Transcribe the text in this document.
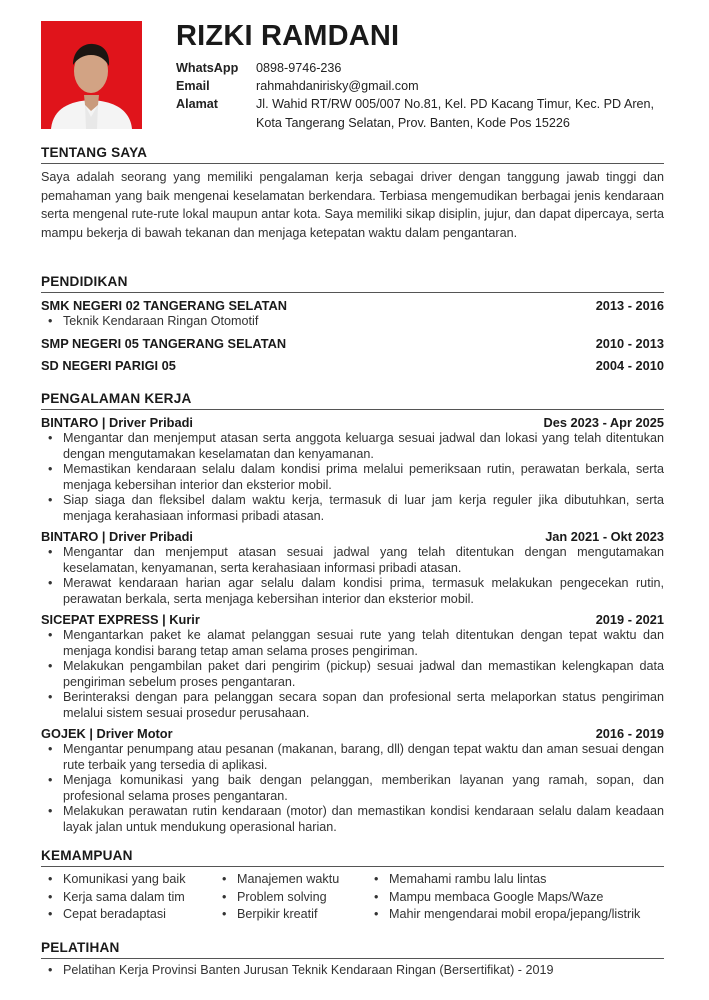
RIZKI RAMDANI
WhatsApp	0898-9746-236
Email	rahmahdanirisky@gmail.com
Alamat	Jl. Wahid RT/RW 005/007 No.81, Kel. PD Kacang Timur, Kec. PD Aren, Kota Tangerang Selatan, Prov. Banten, Kode Pos 15226
TENTANG SAYA
Saya adalah seorang yang memiliki pengalaman kerja sebagai driver dengan tanggung jawab tinggi dan pemahaman yang baik mengenai keselamatan berkendara. Terbiasa mengemudikan berbagai jenis kendaraan serta mengenal rute-rute lokal maupun antar kota. Saya memiliki sikap disiplin, jujur, dan dapat dipercaya, serta mampu bekerja di bawah tekanan dan menjaga ketepatan waktu dalam pengantaran.
PENDIDIKAN
SMK NEGERI 02 TANGERANG SELATAN	2013 - 2016
• Teknik Kendaraan Ringan Otomotif
SMP NEGERI 05 TANGERANG SELATAN	2010 - 2013
SD NEGERI PARIGI 05	2004 - 2010
PENGALAMAN KERJA
BINTARO | Driver Pribadi	Des 2023 - Apr 2025
• Mengantar dan menjemput atasan serta anggota keluarga sesuai jadwal dan lokasi yang telah ditentukan dengan mengutamakan keselamatan dan kenyamanan.
• Memastikan kendaraan selalu dalam kondisi prima melalui pemeriksaan rutin, perawatan berkala, serta menjaga kebersihan interior dan eksterior mobil.
• Siap siaga dan fleksibel dalam waktu kerja, termasuk di luar jam kerja reguler jika dibutuhkan, serta menjaga kerahasiaan informasi pribadi atasan.
BINTARO | Driver Pribadi	Jan 2021 - Okt 2023
• Mengantar dan menjemput atasan sesuai jadwal yang telah ditentukan dengan mengutamakan keselamatan, kenyamanan, serta kerahasiaan informasi pribadi atasan.
• Merawat kendaraan harian agar selalu dalam kondisi prima, termasuk melakukan pengecekan rutin, perawatan berkala, serta menjaga kebersihan interior dan eksterior mobil.
SICEPAT EXPRESS | Kurir	2019 - 2021
• Mengantarkan paket ke alamat pelanggan sesuai rute yang telah ditentukan dengan tepat waktu dan menjaga kondisi barang tetap aman selama proses pengiriman.
• Melakukan pengambilan paket dari pengirim (pickup) sesuai jadwal dan memastikan kelengkapan data pengiriman sebelum proses pengantaran.
• Berinteraksi dengan para pelanggan secara sopan dan profesional serta melaporkan status pengiriman melalui sistem sesuai prosedur perusahaan.
GOJEK | Driver Motor	2016 - 2019
• Mengantar penumpang atau pesanan (makanan, barang, dll) dengan tepat waktu dan aman sesuai dengan rute terbaik yang tersedia di aplikasi.
• Menjaga komunikasi yang baik dengan pelanggan, memberikan layanan yang ramah, sopan, dan profesional selama proses pengantaran.
• Melakukan perawatan rutin kendaraan (motor) dan memastikan kondisi kendaraan selalu dalam keadaan layak jalan untuk mendukung operasional harian.
KEMAMPUAN
• Komunikasi yang baik
• Kerja sama dalam tim
• Cepat beradaptasi
• Manajemen waktu
• Problem solving
• Berpikir kreatif
• Memahami rambu lalu lintas
• Mampu membaca Google Maps/Waze
• Mahir mengendarai mobil eropa/jepang/listrik
PELATIHAN
• Pelatihan Kerja Provinsi Banten Jurusan Teknik Kendaraan Ringan (Bersertifikat) - 2019
